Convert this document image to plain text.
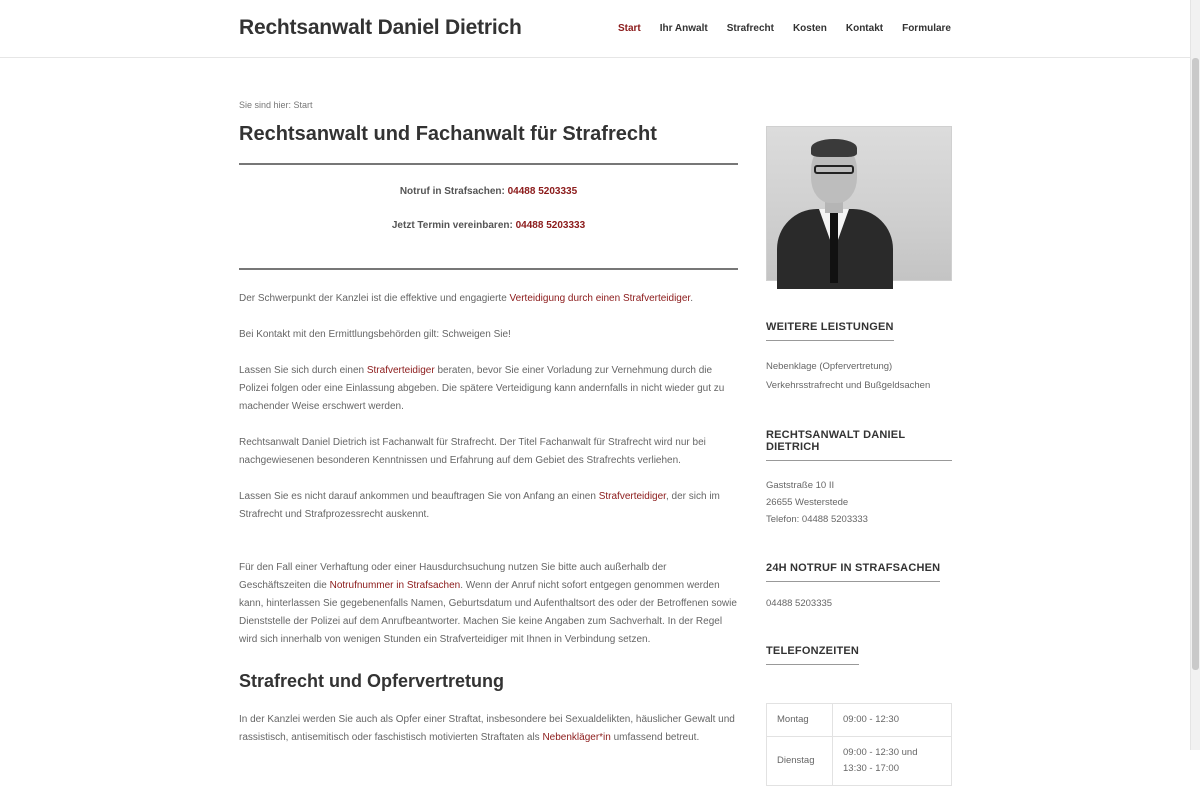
Rechtsanwalt Daniel Dietrich	Start Ihr Anwalt Strafrecht Kosten Kontakt Formulare
Sie sind hier: Start
Rechtsanwalt und Fachanwalt für Strafrecht
Notruf in Strafsachen: 04488 5203335
Jetzt Termin vereinbaren: 04488 5203333

Der Schwerpunkt der Kanzlei ist die effektive und engagierte Verteidigung durch einen Strafverteidiger.

Bei Kontakt mit den Ermittlungsbehörden gilt: Schweigen Sie!

Lassen Sie sich durch einen Strafverteidiger beraten, bevor Sie einer Vorladung zur Vernehmung durch die Polizei folgen oder eine Einlassung abgeben. Die spätere Verteidigung kann andernfalls in nicht wieder gut zu machender Weise erschwert werden.

Rechtsanwalt Daniel Dietrich ist Fachanwalt für Strafrecht. Der Titel Fachanwalt für Strafrecht wird nur bei nachgewiesenen besonderen Kenntnissen und Erfahrung auf dem Gebiet des Strafrechts verliehen.

Lassen Sie es nicht darauf ankommen und beauftragen Sie von Anfang an einen Strafverteidiger, der sich im Strafrecht und Strafprozessrecht auskennt.

Für den Fall einer Verhaftung oder einer Hausdurchsuchung nutzen Sie bitte auch außerhalb der Geschäftszeiten die Notrufnummer in Strafsachen. Wenn der Anruf nicht sofort entgegen genommen werden kann, hinterlassen Sie gegebenenfalls Namen, Geburtsdatum und Aufenthaltsort des oder der Betroffenen sowie Dienststelle der Polizei auf dem Anrufbeantworter. Machen Sie keine Angaben zum Sachverhalt. In der Regel wird sich innerhalb von wenigen Stunden ein Strafverteidiger mit Ihnen in Verbindung setzen.

Strafrecht und Opfervertretung

In der Kanzlei werden Sie auch als Opfer einer Straftat, insbesondere bei Sexualdelikten, häuslicher Gewalt und rassistisch, antisemitisch oder faschistisch motivierten Straftaten als Nebenkläger*in umfassend betreut.

WEITERE LEISTUNGEN
Nebenklage (Opfervertretung)
Verkehrsstrafrecht und Bußgeldsachen
RECHTSANWALT DANIEL DIETRICH
Gaststraße 10 II
26655 Westerstede
Telefon: 04488 5203333
24H NOTRUF IN STRAFSACHEN
04488 5203335
TELEFONZEITEN
Montag	09:00 - 12:30
Dienstag	09:00 - 12:30 und 13:30 - 17:00
